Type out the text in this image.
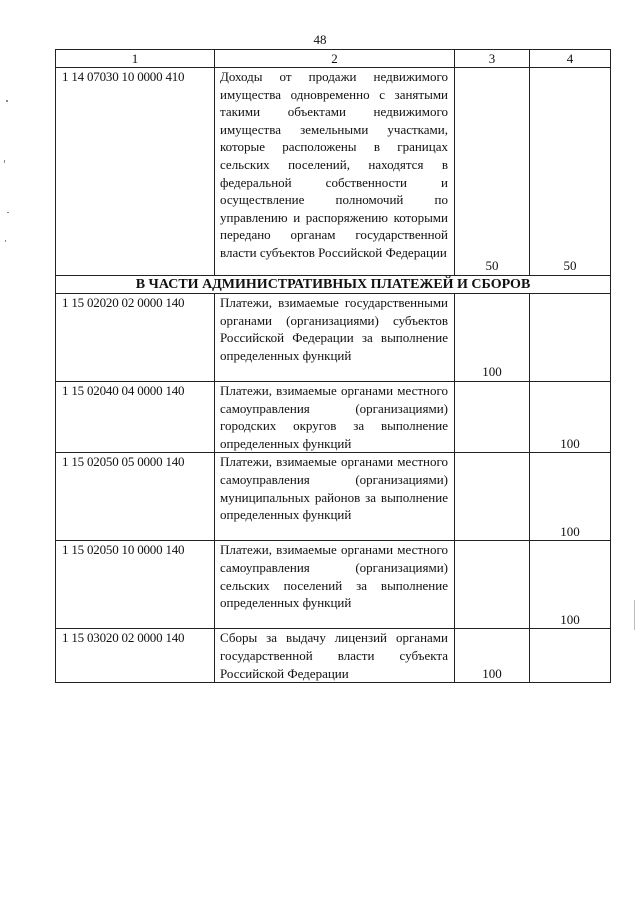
48
1	2	3	4
1 14 07030 10 0000 410	Доходы от продажи недвижимого имущества одновременно с занятыми такими объектами недвижимого имущества земельными участками, которые расположены в границах сельских поселений, находятся в федеральной собственности и осуществление полномочий по управлению и распоряжению которыми передано органам государственной власти субъектов Российской Федерации	50	50
В ЧАСТИ АДМИНИСТРАТИВНЫХ ПЛАТЕЖЕЙ И СБОРОВ			
1 15 02020 02 0000 140	Платежи, взимаемые государственными органами (организациями) субъектов Российской Федерации за выполнение определенных функций	100	
1 15 02040 04 0000 140	Платежи, взимаемые органами местного самоуправления (организациями) городских округов за выполнение определенных функций		100
1 15 02050 05 0000 140	Платежи, взимаемые органами местного самоуправления (организациями) муниципальных районов за выполнение определенных функций		100
1 15 02050 10 0000 140	Платежи, взимаемые органами местного самоуправления (организациями) сельских поселений за выполнение определенных функций		100
1 15 03020 02 0000 140	Сборы за выдачу лицензий органами государственной власти субъекта Российской Федерации	100	
